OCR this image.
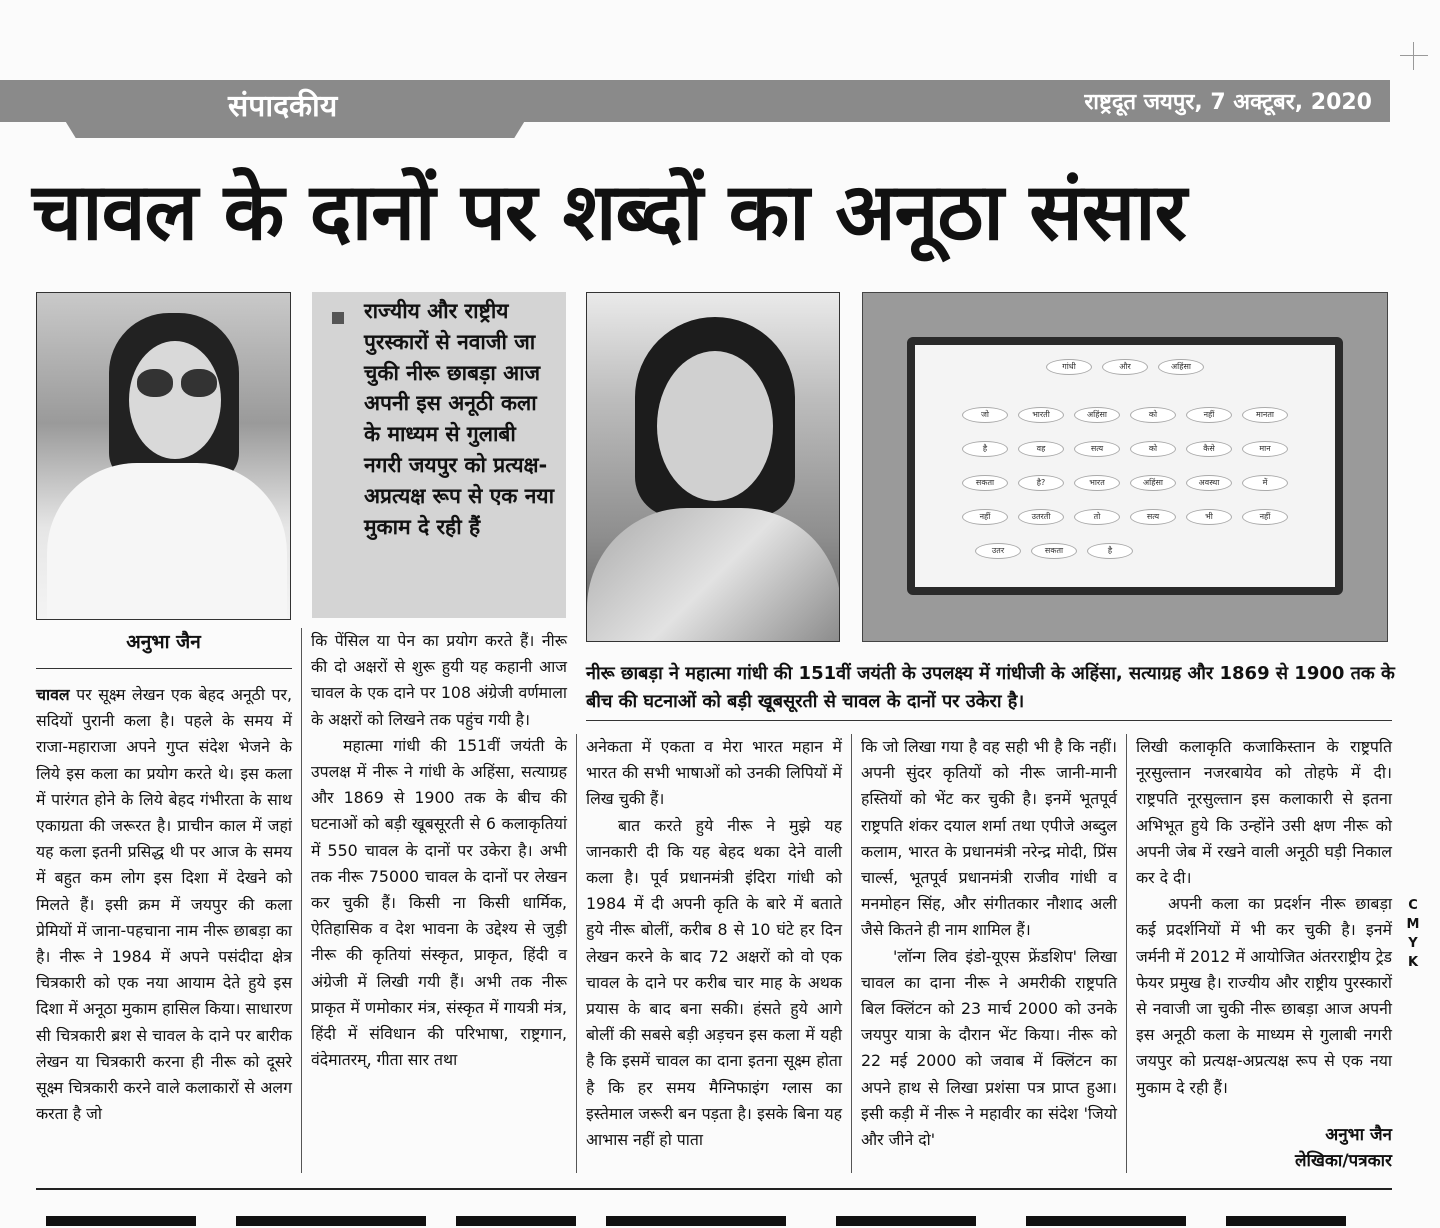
संपादकीय	राष्ट्रदूत जयपुर, 7 अक्टूबर, 2020
चावल के दानों पर शब्दों का अनूठा संसार
अनुभा जैन
राज्यीय और राष्ट्रीय पुरस्कारों से नवाजी जा चुकी नीरू छाबड़ा आज अपनी इस अनूठी कला के माध्यम से गुलाबी नगरी जयपुर को प्रत्यक्ष-अप्रत्यक्ष रूप से एक नया मुकाम दे रही हैं
गांधी	और	अहिंसा
जो	भारती	अहिंसा	को	नहीं	मानता
है	वह	सत्य	को	कैसे	मान
सकता	है?	भारत	अहिंसा	अवस्था	में
नहीं	उतरती	तो	सत्य	भी	नहीं
उतर	सकता	है
नीरू छाबड़ा ने महात्मा गांधी की 151वीं जयंती के उपलक्ष्य में गांधीजी के अहिंसा, सत्याग्रह और 1869 से 1900 तक के बीच की घटनाओं को बड़ी खूबसूरती से चावल के दानों पर उकेरा है।

चावल पर सूक्ष्म लेखन एक बेहद अनूठी पर, सदियों पुरानी कला है। पहले के समय में राजा-महाराजा अपने गुप्त संदेश भेजने के लिये इस कला का प्रयोग करते थे। इस कला में पारंगत होने के लिये बेहद गंभीरता के साथ एकाग्रता की जरूरत है। प्राचीन काल में जहां यह कला इतनी प्रसिद्ध थी पर आज के समय में बहुत कम लोग इस दिशा में देखने को मिलते हैं। इसी क्रम में जयपुर की कला प्रेमियों में जाना-पहचाना नाम नीरू छाबड़ा का है। नीरू ने 1984 में अपने पसंदीदा क्षेत्र चित्रकारी को एक नया आयाम देते हुये इस दिशा में अनूठा मुकाम हासिल किया। साधारण सी चित्रकारी ब्रश से चावल के दाने पर बारीक लेखन या चित्रकारी करना ही नीरू को दूसरे सूक्ष्म चित्रकारी करने वाले कलाकारों से अलग करता है जो

कि पेंसिल या पेन का प्रयोग करते हैं। नीरू की दो अक्षरों से शुरू हुयी यह कहानी आज चावल के एक दाने पर 108 अंग्रेजी वर्णमाला के अक्षरों को लिखने तक पहुंच गयी है।

महात्मा गांधी की 151वीं जयंती के उपलक्ष में नीरू ने गांधी के अहिंसा, सत्याग्रह और 1869 से 1900 तक के बीच की घटनाओं को बड़ी खूबसूरती से 6 कलाकृतियां में 550 चावल के दानों पर उकेरा है। अभी तक नीरू 75000 चावल के दानों पर लेखन कर चुकी हैं। किसी ना किसी धार्मिक, ऐतिहासिक व देश भावना के उद्देश्य से जुड़ी नीरू की कृतियां संस्कृत, प्राकृत, हिंदी व अंग्रेजी में लिखी गयी हैं। अभी तक नीरू प्राकृत में णमोकार मंत्र, संस्कृत में गायत्री मंत्र, हिंदी में संविधान की परिभाषा, राष्ट्रगान, वंदेमातरम्, गीता सार तथा

अनेकता में एकता व मेरा भारत महान में भारत की सभी भाषाओं को उनकी लिपियों में लिख चुकी हैं।

बात करते हुये नीरू ने मुझे यह जानकारी दी कि यह बेहद थका देने वाली कला है। पूर्व प्रधानमंत्री इंदिरा गांधी को 1984 में दी अपनी कृति के बारे में बताते हुये नीरू बोलीं, करीब 8 से 10 घंटे हर दिन लेखन करने के बाद 72 अक्षरों को वो एक चावल के दाने पर करीब चार माह के अथक प्रयास के बाद बना सकी। हंसते हुये आगे बोलीं की सबसे बड़ी अड़चन इस कला में यही है कि इसमें चावल का दाना इतना सूक्ष्म होता है कि हर समय मैग्निफाइंग ग्लास का इस्तेमाल जरूरी बन पड़ता है। इसके बिना यह आभास नहीं हो पाता

कि जो लिखा गया है वह सही भी है कि नहीं। अपनी सुंदर कृतियों को नीरू जानी-मानी हस्तियों को भेंट कर चुकी है। इनमें भूतपूर्व राष्ट्रपति शंकर दयाल शर्मा तथा एपीजे अब्दुल कलाम, भारत के प्रधानमंत्री नरेन्द्र मोदी, प्रिंस चार्ल्स, भूतपूर्व प्रधानमंत्री राजीव गांधी व मनमोहन सिंह, और संगीतकार नौशाद अली जैसे कितने ही नाम शामिल हैं।

'लॉन्ग लिव इंडो-यूएस फ्रेंडशिप' लिखा चावल का दाना नीरू ने अमरीकी राष्ट्रपति बिल क्लिंटन को 23 मार्च 2000 को उनके जयपुर यात्रा के दौरान भेंट किया। नीरू को 22 मई 2000 को जवाब में क्लिंटन का अपने हाथ से लिखा प्रशंसा पत्र प्राप्त हुआ। इसी कड़ी में नीरू ने महावीर का संदेश 'जियो और जीने दो'

लिखी कलाकृति कजाकिस्तान के राष्ट्रपति नूरसुल्तान नजरबायेव को तोहफे में दी। राष्ट्रपति नूरसुल्तान इस कलाकारी से इतना अभिभूत हुये कि उन्होंने उसी क्षण नीरू को अपनी जेब में रखने वाली अनूठी घड़ी निकाल कर दे दी।

अपनी कला का प्रदर्शन नीरू छाबड़ा कई प्रदर्शनियों में भी कर चुकी है। इनमें जर्मनी में 2012 में आयोजित अंतरराष्ट्रीय ट्रेड फेयर प्रमुख है। राज्यीय और राष्ट्रीय पुरस्कारों से नवाजी जा चुकी नीरू छाबड़ा आज अपनी इस अनूठी कला के माध्यम से गुलाबी नगरी जयपुर को प्रत्यक्ष-अप्रत्यक्ष रूप से एक नया मुकाम दे रही हैं।

अनुभा जैन
लेखिका/पत्रकार
C
M
Y
K
